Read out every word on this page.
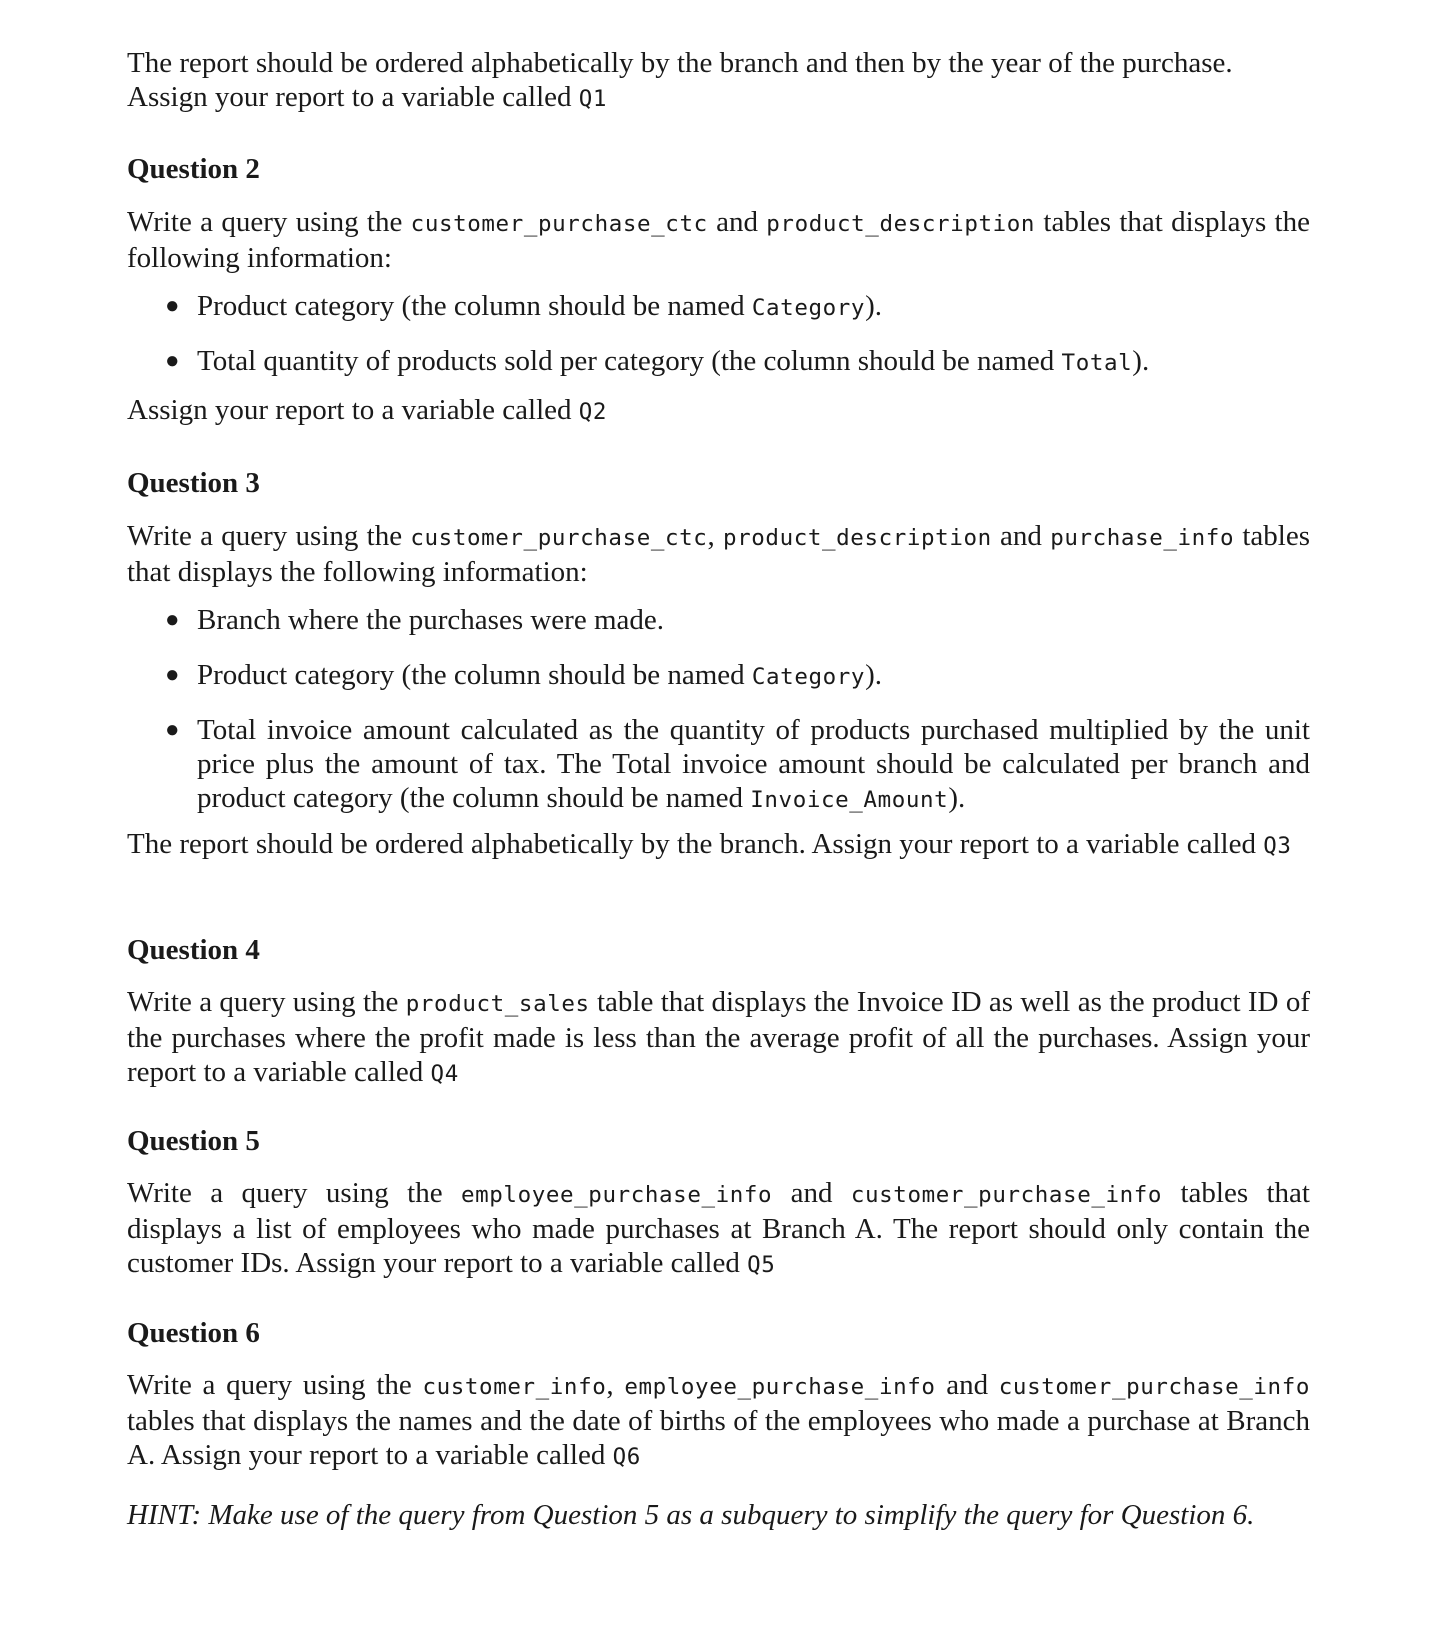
The report should be ordered alphabetically by the branch and then by the year of the purchase.
Assign your report to a variable called Q1

Question 2

Write a query using the customer_purchase_ctc and product_description tables that displays the following information:

● Product category (the column should be named Category).
● Total quantity of products sold per category (the column should be named Total).

Assign your report to a variable called Q2

Question 3

Write a query using the customer_purchase_ctc, product_description and purchase_info tables that displays the following information:

● Branch where the purchases were made.
● Product category (the column should be named Category).
● Total invoice amount calculated as the quantity of products purchased multiplied by the unit price plus the amount of tax. The Total invoice amount should be calculated per branch and product category (the column should be named Invoice_Amount).

The report should be ordered alphabetically by the branch. Assign your report to a variable called Q3

Question 4

Write a query using the product_sales table that displays the Invoice ID as well as the product ID of the purchases where the profit made is less than the average profit of all the purchases. Assign your report to a variable called Q4

Question 5

Write a query using the employee_purchase_info and customer_purchase_info tables that displays a list of employees who made purchases at Branch A. The report should only contain the customer IDs. Assign your report to a variable called Q5

Question 6

Write a query using the customer_info, employee_purchase_info and customer_purchase_info tables that displays the names and the date of births of the employees who made a purchase at Branch A. Assign your report to a variable called Q6

HINT: Make use of the query from Question 5 as a subquery to simplify the query for Question 6.
